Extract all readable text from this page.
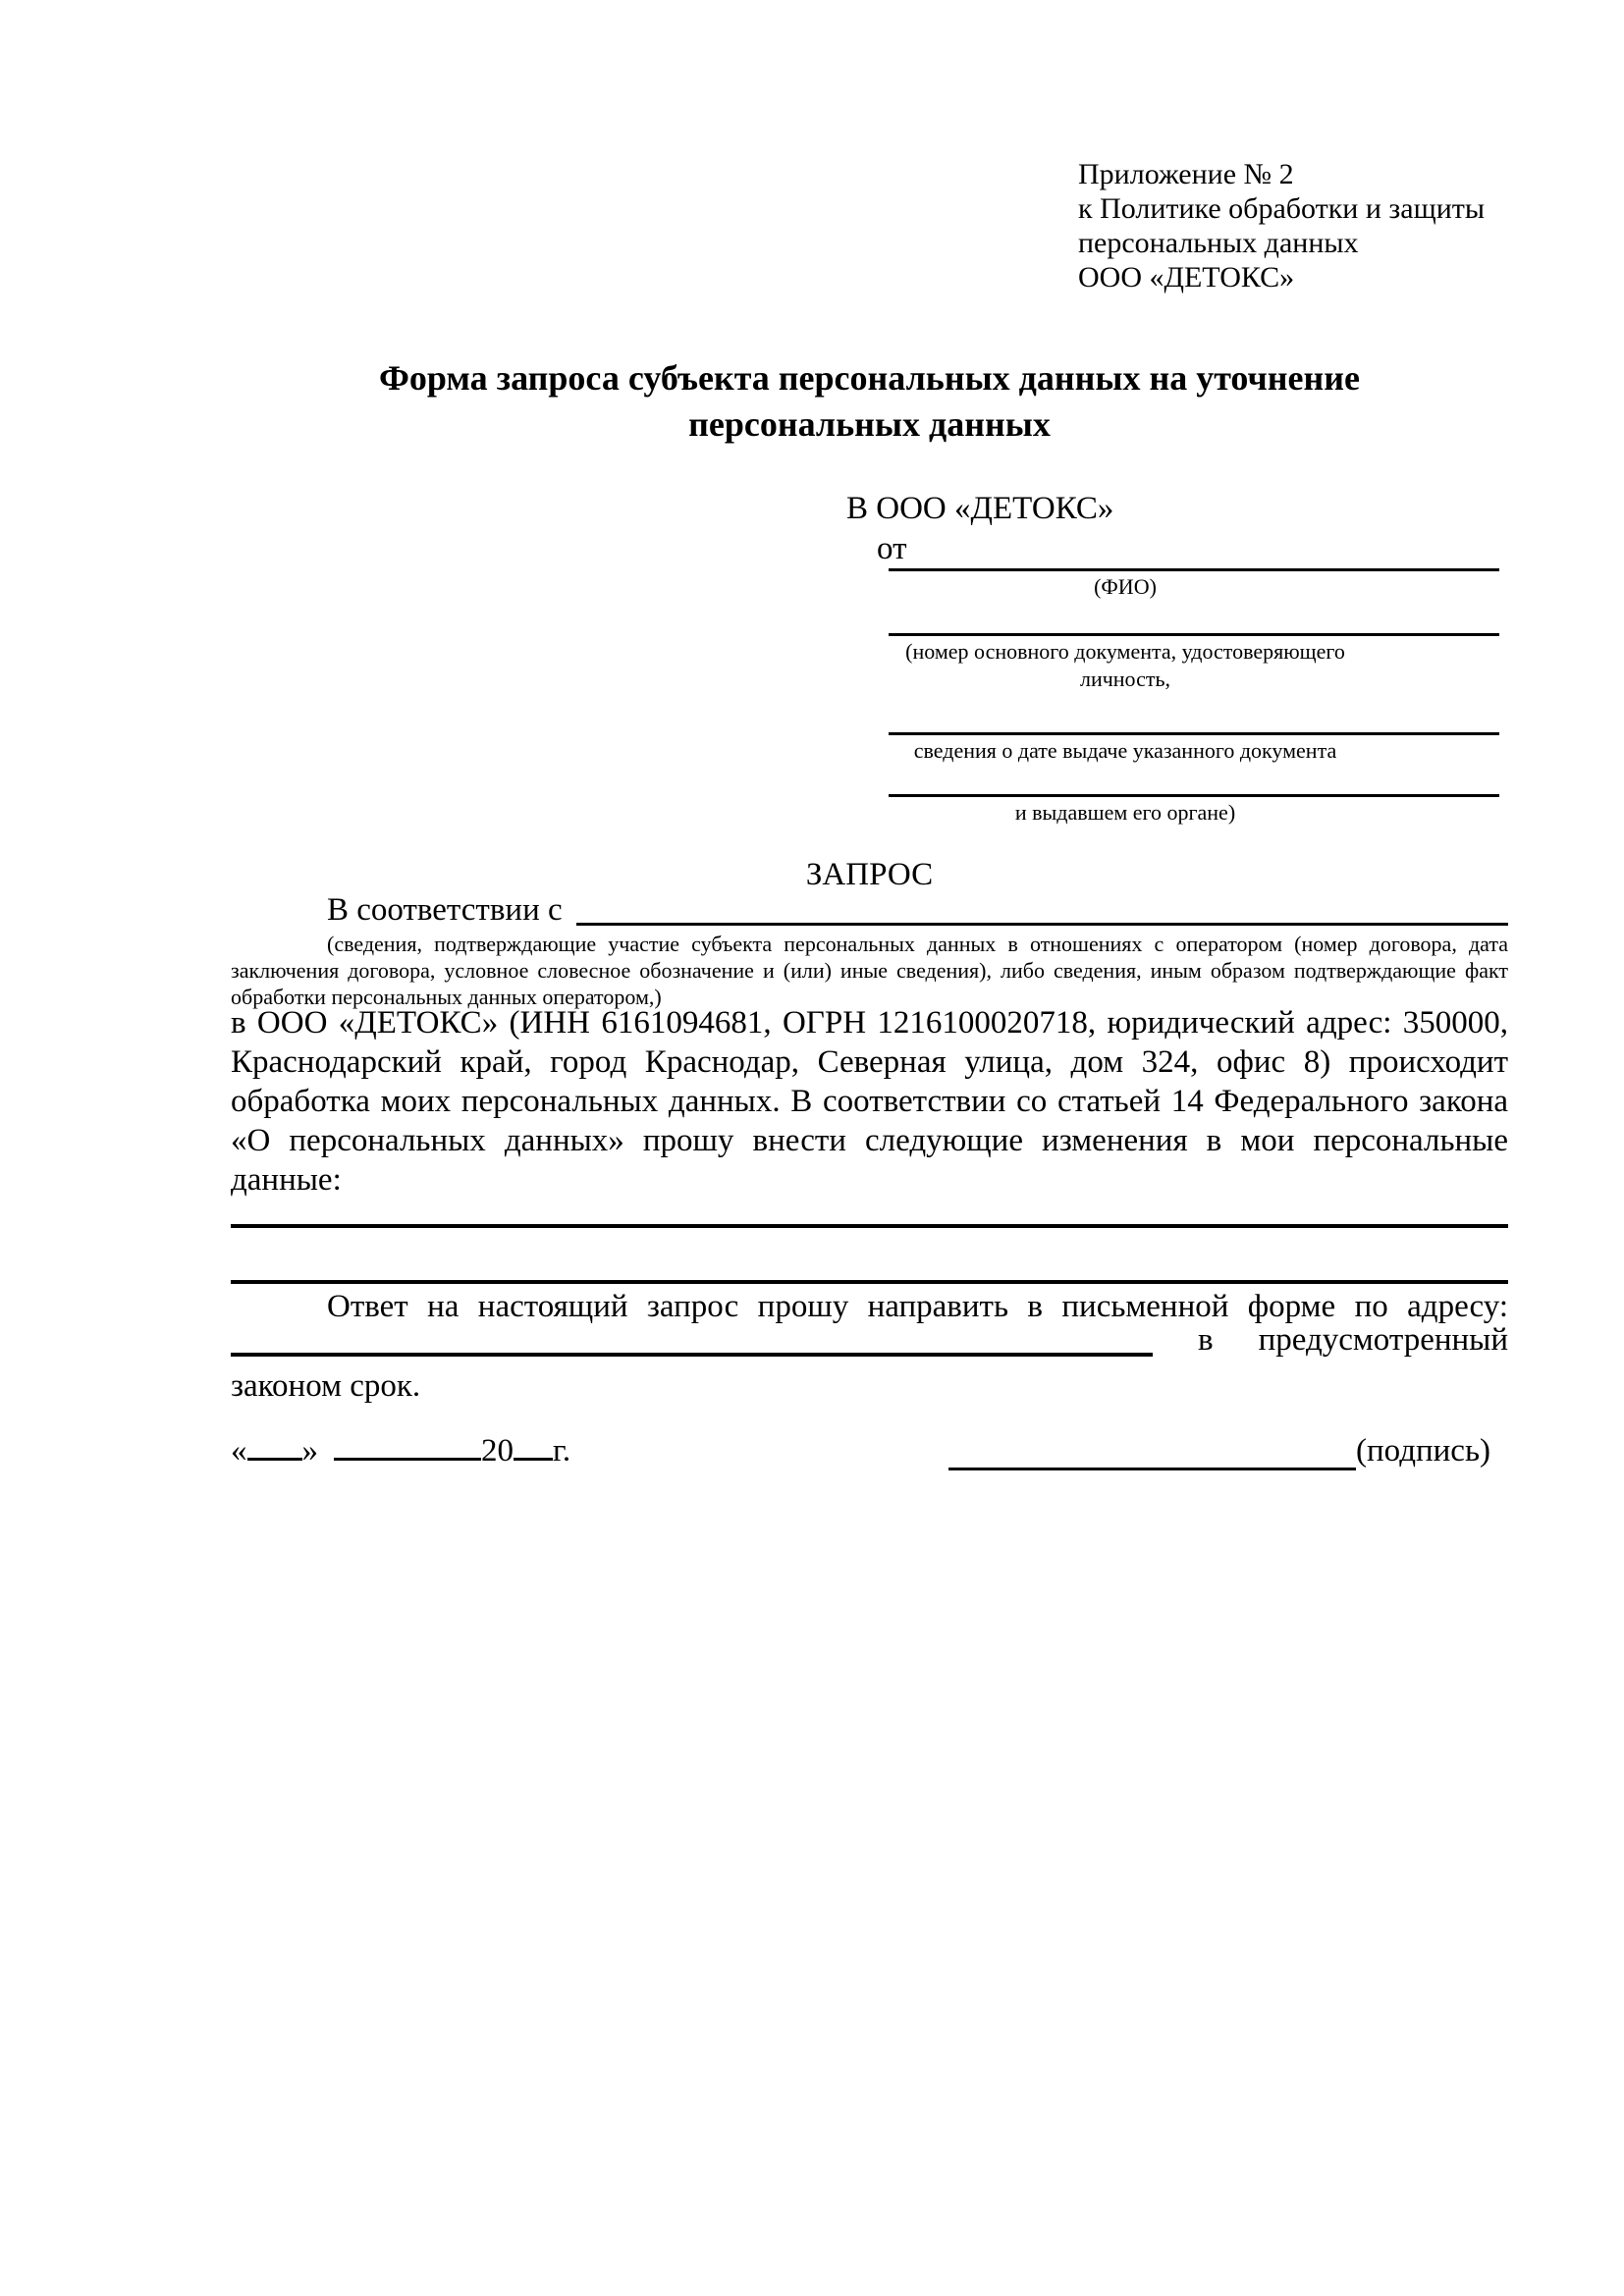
Приложение № 2
к Политике обработки и защиты
персональных данных
ООО «ДЕТОКС»
Форма запроса субъекта персональных данных на уточнение персональных данных
В ООО «ДЕТОКС»
от
(ФИО)
(номер основного документа, удостоверяющего личность,
сведения о дате выдаче указанного документа
и выдавшем его органе)
ЗАПРОС
В соответствии с
(сведения, подтверждающие участие субъекта персональных данных в отношениях с оператором (номер договора, дата заключения договора, условное словесное обозначение и (или) иные сведения), либо сведения, иным образом подтверждающие факт обработки персональных данных оператором,)
в ООО «ДЕТОКС» (ИНН 6161094681, ОГРН 1216100020718, юридический адрес: 350000, Краснодарский край, город Краснодар, Северная улица, дом 324, офис 8) происходит обработка моих персональных данных. В соответствии со статьей 14 Федерального закона «О персональных данных» прошу внести следующие изменения в мои персональные данные:
Ответ на настоящий запрос прошу направить в письменной форме по адресу:
в предусмотренный
законом срок.
« »	20 г.	(подпись)
